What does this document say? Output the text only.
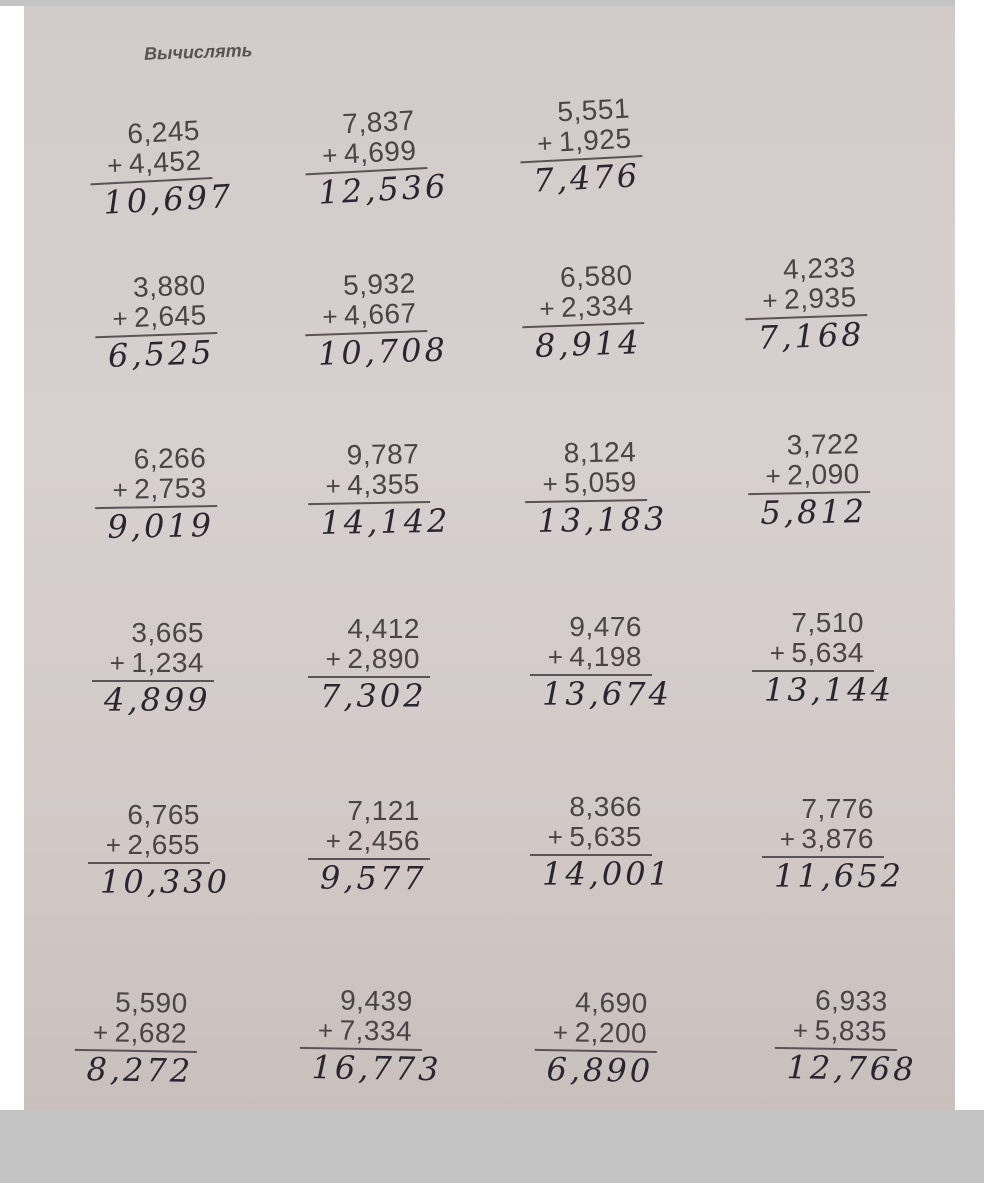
Вычислять
6,245
+ 4,452
10,697
7,837
+ 4,699
12,536
5,551
+ 1,925
7,476
3,880
+ 2,645
6,525
5,932
+ 4,667
10,708
6,580
+ 2,334
8,914
4,233
+ 2,935
7,168
6,266
+ 2,753
9,019
9,787
+ 4,355
14,142
8,124
+ 5,059
13,183
3,722
+ 2,090
5,812
3,665
+ 1,234
4,899
4,412
+ 2,890
7,302
9,476
+ 4,198
13,674
7,510
+ 5,634
13,144
6,765
+ 2,655
10,330
7,121
+ 2,456
9,577
8,366
+ 5,635
14,001
7,776
+ 3,876
11,652
5,590
+ 2,682
8,272
9,439
+ 7,334
16,773
4,690
+ 2,200
6,890
6,933
+ 5,835
12,768
